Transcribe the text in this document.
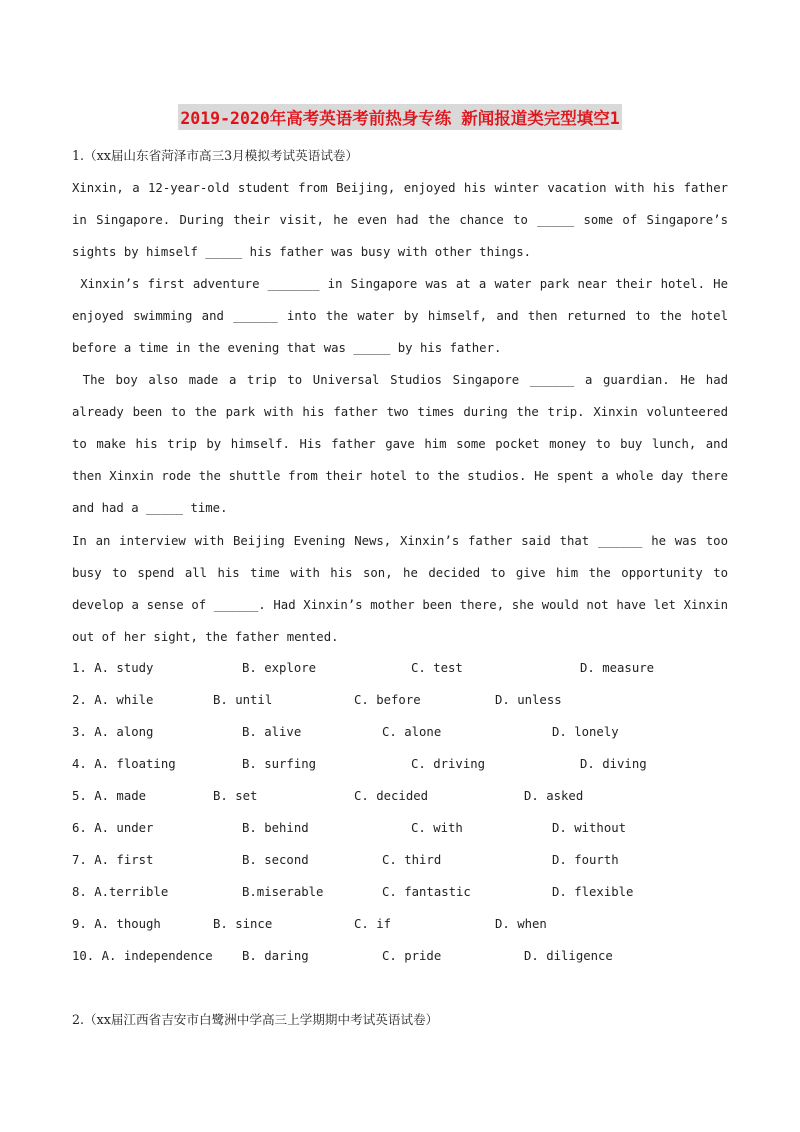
2019-2020年高考英语考前热身专练 新闻报道类完型填空1
1.（xx届山东省菏泽市高三3月模拟考试英语试卷）
Xinxin, a 12-year-old student from Beijing, enjoyed his winter vacation with his father in Singapore. During their visit, he even had the chance to _____ some of Singapore’s sights by himself _____ his father was busy with other things.
Xinxin’s first adventure _______ in Singapore was at a water park near their hotel. He enjoyed swimming and ______ into the water by himself, and then returned to the hotel before a time in the evening that was _____ by his father.
The boy also made a trip to Universal Studios Singapore ______ a guardian. He had already been to the park with his father two times during the trip. Xinxin volunteered to make his trip by himself. His father gave him some pocket money to buy lunch, and then Xinxin rode the shuttle from their hotel to the studios. He spent a whole day there and had a _____ time.
In an interview with Beijing Evening News, Xinxin’s father said that ______ he was too busy to spend all his time with his son, he decided to give him the opportunity to develop a sense of ______. Had Xinxin’s mother been there, she would not have let Xinxin out of her sight, the father mented.
1. A. study	B. explore	C. test	D. measure
2. A. while	B. until	C. before	D. unless
3. A. along	B. alive	C. alone	D. lonely
4. A. floating	B. surfing	C. driving	D. diving
5. A. made	B. set	C. decided	D. asked
6. A. under	B. behind	C. with	D. without
7. A. first	B. second	C. third	D. fourth
8. A.terrible	B.miserable	C. fantastic	D. flexible
9. A. though	B. since	C. if	D. when
10. A. independence B. daring	C. pride	D. diligence
2.（xx届江西省吉安市白鹭洲中学高三上学期期中考试英语试卷）
